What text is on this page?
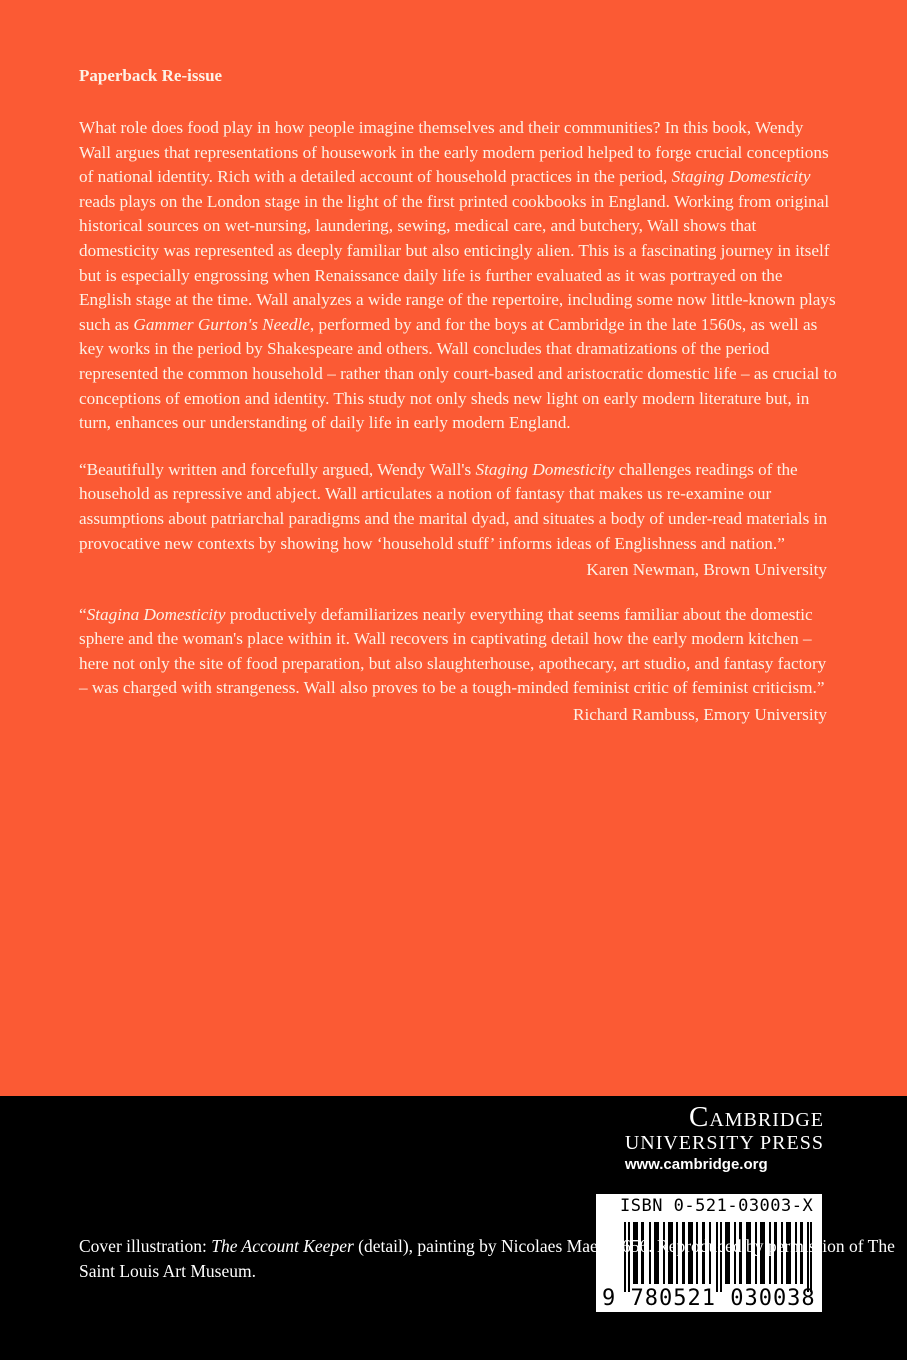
Paperback Re-issue

What role does food play in how people imagine themselves and their communities? In this book, Wendy Wall argues that representations of housework in the early modern period helped to forge crucial conceptions of national identity. Rich with a detailed account of household practices in the period, Staging Domesticity reads plays on the London stage in the light of the first printed cookbooks in England. Working from original historical sources on wet-nursing, laundering, sewing, medical care, and butchery, Wall shows that domesticity was represented as deeply familiar but also enticingly alien. This is a fascinating journey in itself but is especially engrossing when Renaissance daily life is further evaluated as it was portrayed on the English stage at the time. Wall analyzes a wide range of the repertoire, including some now little-known plays such as Gammer Gurton's Needle, performed by and for the boys at Cambridge in the late 1560s, as well as key works in the period by Shakespeare and others. Wall concludes that dramatizations of the period represented the common household – rather than only court-based and aristocratic domestic life – as crucial to conceptions of emotion and identity. This study not only sheds new light on early modern literature but, in turn, enhances our understanding of daily life in early modern England.

“Beautifully written and forcefully argued, Wendy Wall's Staging Domesticity challenges readings of the household as repressive and abject. Wall articulates a notion of fantasy that makes us re-examine our assumptions about patriarchal paradigms and the marital dyad, and situates a body of under-read materials in provocative new contexts by showing how ‘household stuff’ informs ideas of Englishness and nation.”

Karen Newman, Brown University

“Stagina Domesticity productively defamiliarizes nearly everything that seems familiar about the domestic sphere and the woman's place within it. Wall recovers in captivating detail how the early modern kitchen – here not only the site of food preparation, but also slaughterhouse, apothecary, art studio, and fantasy factory – was charged with strangeness. Wall also proves to be a tough-minded feminist critic of feminist criticism.”

Richard Rambuss, Emory University

Cambridge
UNIVERSITY PRESS
www.cambridge.org
ISBN 0-521-03003-X
9 780521 030038 >
Cover illustration: The Account Keeper (detail), painting by Nicolaes Maes, 1656. Reproduced by permission of The Saint Louis Art Museum.
